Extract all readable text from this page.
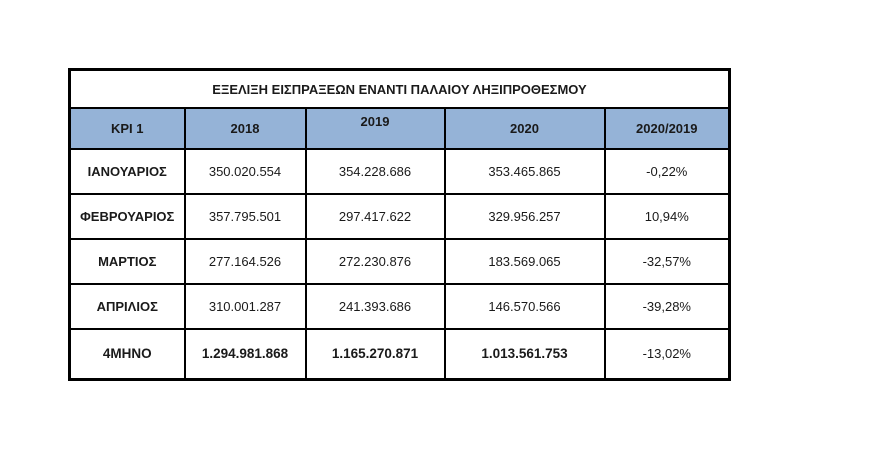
ΕΞΕΛΙΞΗ ΕΙΣΠΡΑΞΕΩΝ ΕΝΑΝΤΙ ΠΑΛΑΙΟΥ ΛΗΞΙΠΡΟΘΕΣΜΟΥ				
KPI 1	2018	2019	2020	2020/2019
ΙΑΝΟΥΑΡΙΟΣ	350.020.554	354.228.686	353.465.865	-0,22%
ΦΕΒΡΟΥΑΡΙΟΣ	357.795.501	297.417.622	329.956.257	10,94%
ΜΑΡΤΙΟΣ	277.164.526	272.230.876	183.569.065	-32,57%
ΑΠΡΙΛΙΟΣ	310.001.287	241.393.686	146.570.566	-39,28%
4ΜΗΝΟ	1.294.981.868	1.165.270.871	1.013.561.753	-13,02%
